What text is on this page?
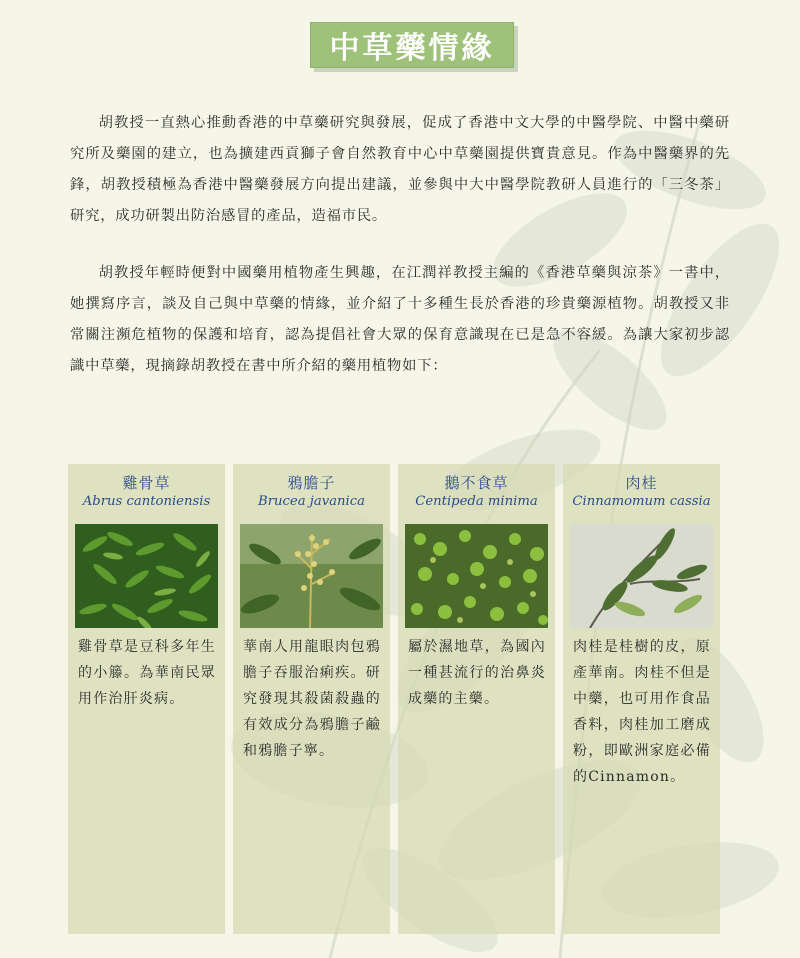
中草藥情緣

胡教授一直熱心推動香港的中草藥研究與發展，促成了香港中文大學的中醫學院、中醫中藥研究所及藥園的建立，也為擴建西貢獅子會自然教育中心中草藥園提供寶貴意見。作為中醫藥界的先鋒，胡教授積極為香港中醫藥發展方向提出建議，並參與中大中醫學院教研人員進行的「三冬茶」研究，成功研製出防治感冒的產品，造福市民。

胡教授年輕時便對中國藥用植物產生興趣，在江潤祥教授主編的《香港草藥與涼茶》一書中， 她撰寫序言，談及自己與中草藥的情緣，並介紹了十多種生長於香港的珍貴藥源植物。胡教授又非常關注瀕危植物的保護和培育，認為提倡社會大眾的保育意識現在已是急不容緩。為讓大家初步認識中草藥，現摘錄胡教授在書中所介紹的藥用植物如下：

雞骨草
Abrus cantoniensis
雞骨草是豆科多年生的小籐。為華南民眾用作治肝炎病。
鴉膽子
Brucea javanica
華南人用龍眼肉包鴉膽子吞服治痢疾。研究發現其殺菌殺蟲的有效成分為鴉膽子鹼和鴉膽子寧。
鵝不食草
Centipeda minima
屬於濕地草，為國內一種甚流行的治鼻炎成藥的主藥。
肉桂
Cinnamomum cassia
肉桂是桂樹的皮，原產華南。肉桂不但是中藥，也可用作食品香料，肉桂加工磨成粉，即歐洲家庭必備的Cinnamon。
